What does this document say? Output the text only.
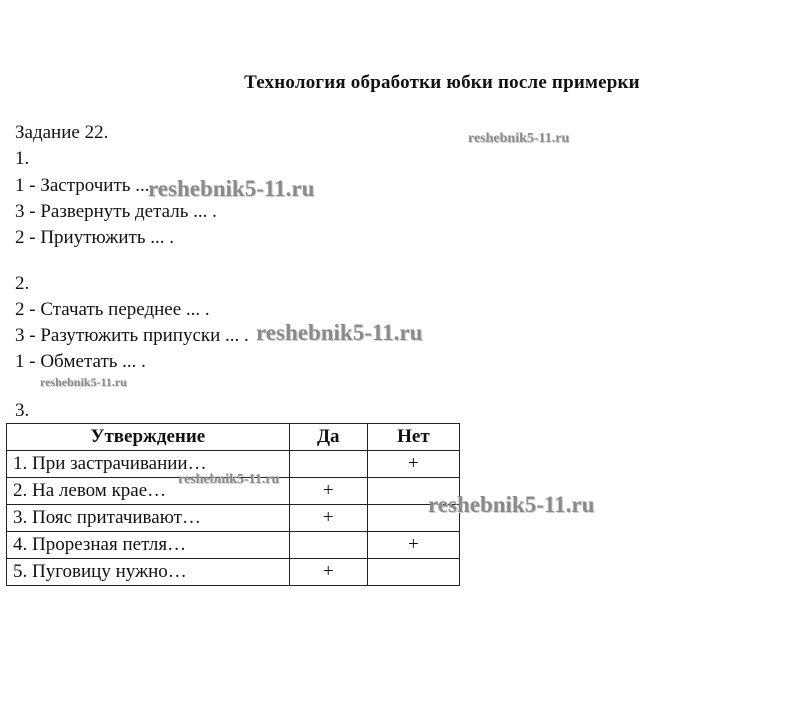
Технология обработки юбки после примерки
Задание 22.
1.
1 - Застрочить ...
3 - Развернуть деталь ... .
2 - Приутюжить ... .
2.
2 - Стачать переднее ... .
3 - Разутюжить припуски ... .
1 - Обметать ... .
3.
Утверждение	Да	Нет
1. При застрачивании…		+
2. На левом крае…	+	
3. Пояс притачивают…	+	
4. Прорезная петля…		+
5. Пуговицу нужно…	+	
reshebnik5-11.ru
reshebnik5-11.ru
reshebnik5-11.ru
reshebnik5-11.ru
reshebnik5-11.ru
reshebnik5-11.ru
